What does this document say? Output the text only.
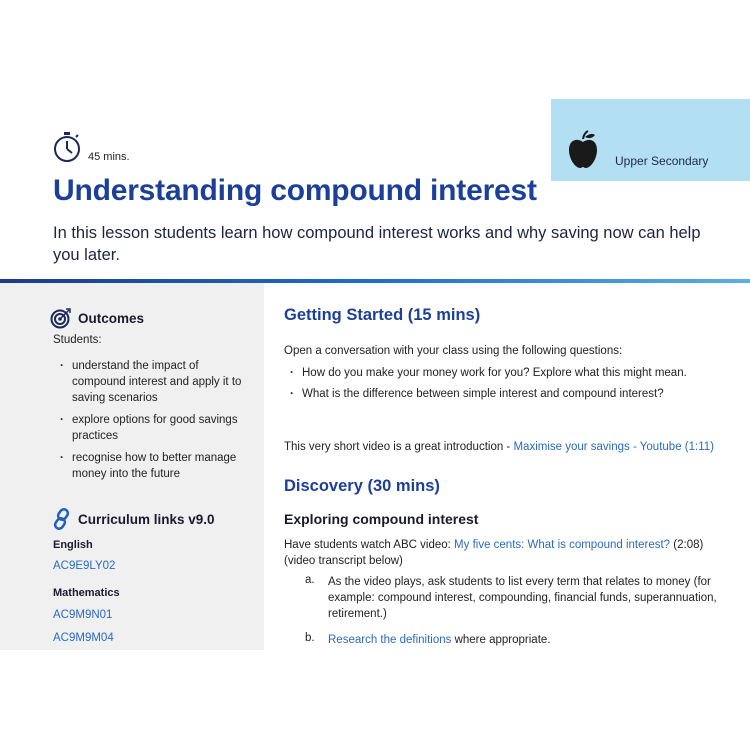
Upper Secondary
45 mins.
Understanding compound interest

In this lesson students learn how compound interest works and why saving now can help you later.

Outcomes
Students:
· understand the impact of compound interest and apply it to saving scenarios
· explore options for good savings practices
· recognise how to better manage money into the future
Curriculum links v9.0
English
AC9E9LY02
Mathematics
AC9M9N01
AC9M9M04
Getting Started (15 mins)

Open a conversation with your class using the following questions:

· How do you make your money work for you? Explore what this might mean.
· What is the difference between simple interest and compound interest?

This very short video is a great introduction - Maximise your savings - Youtube (1:11)

Discovery (30 mins)
Exploring compound interest

Have students watch ABC video: My five cents: What is compound interest? (2:08) (video transcript below)

a. As the video plays, ask students to list every term that relates to money (for example: compound interest, compounding, financial funds, superannuation, retirement.)
b. Research the definitions where appropriate.
